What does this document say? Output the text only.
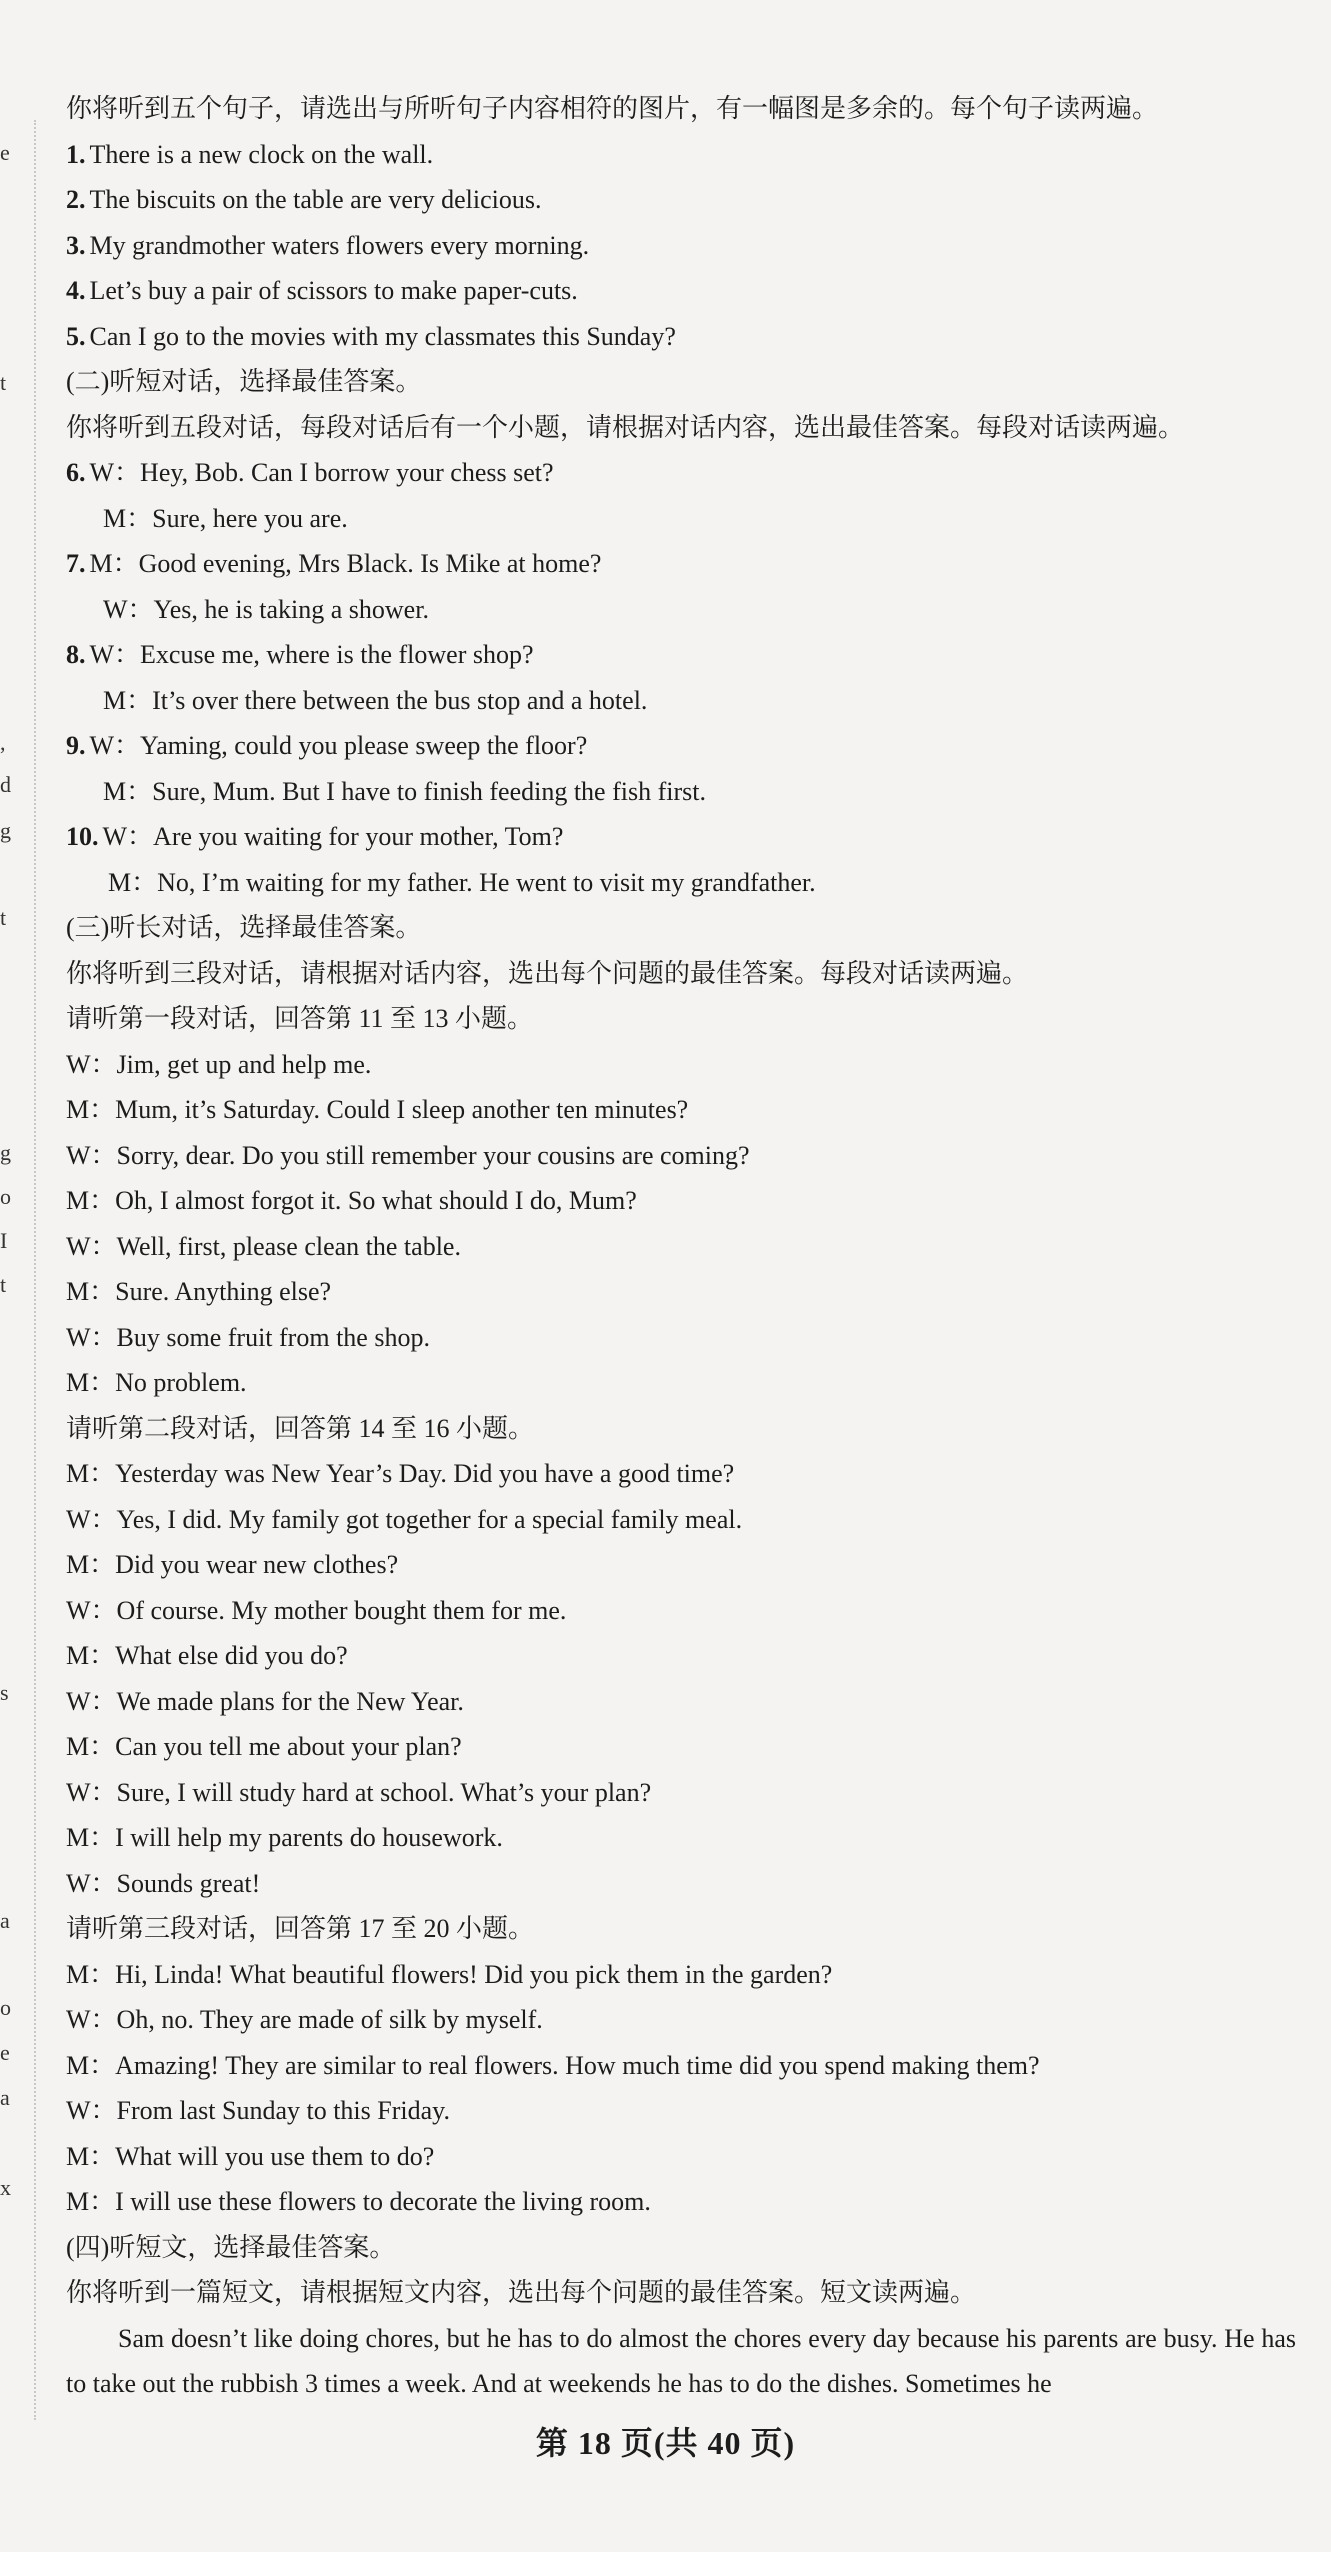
e
t
,
d
g
t
g
o
I
t
s
a
o
e
a
x
你将听到五个句子，请选出与所听句子内容相符的图片，有一幅图是多余的。每个句子读两遍。
1. There is a new clock on the wall.
2. The biscuits on the table are very delicious.
3. My grandmother waters flowers every morning.
4. Let’s buy a pair of scissors to make paper-cuts.
5. Can I go to the movies with my classmates this Sunday?
(二)听短对话，选择最佳答案。
你将听到五段对话，每段对话后有一个小题，请根据对话内容，选出最佳答案。每段对话读两遍。
6. W：Hey, Bob. Can I borrow your chess set?
M：Sure, here you are.
7. M：Good evening, Mrs Black. Is Mike at home?
W：Yes, he is taking a shower.
8. W：Excuse me, where is the flower shop?
M：It’s over there between the bus stop and a hotel.
9. W：Yaming, could you please sweep the floor?
M：Sure, Mum. But I have to finish feeding the fish first.
10. W：Are you waiting for your mother, Tom?
M：No, I’m waiting for my father. He went to visit my grandfather.
(三)听长对话，选择最佳答案。
你将听到三段对话，请根据对话内容，选出每个问题的最佳答案。每段对话读两遍。
请听第一段对话，回答第 11 至 13 小题。
W：Jim, get up and help me.
M：Mum, it’s Saturday. Could I sleep another ten minutes?
W：Sorry, dear. Do you still remember your cousins are coming?
M：Oh, I almost forgot it. So what should I do, Mum?
W：Well, first, please clean the table.
M：Sure. Anything else?
W：Buy some fruit from the shop.
M：No problem.
请听第二段对话，回答第 14 至 16 小题。
M：Yesterday was New Year’s Day. Did you have a good time?
W：Yes, I did. My family got together for a special family meal.
M：Did you wear new clothes?
W：Of course. My mother bought them for me.
M：What else did you do?
W：We made plans for the New Year.
M：Can you tell me about your plan?
W：Sure, I will study hard at school. What’s your plan?
M：I will help my parents do housework.
W：Sounds great!
请听第三段对话，回答第 17 至 20 小题。
M：Hi, Linda! What beautiful flowers! Did you pick them in the garden?
W：Oh, no. They are made of silk by myself.
M：Amazing! They are similar to real flowers. How much time did you spend making them?
W：From last Sunday to this Friday.
M：What will you use them to do?
M：I will use these flowers to decorate the living room.
(四)听短文，选择最佳答案。
你将听到一篇短文，请根据短文内容，选出每个问题的最佳答案。短文读两遍。
Sam doesn’t like doing chores, but he has to do almost the chores every day because his parents are busy. He has to take out the rubbish 3 times a week. And at weekends he has to do the dishes. Sometimes he
第 18 页(共 40 页)
